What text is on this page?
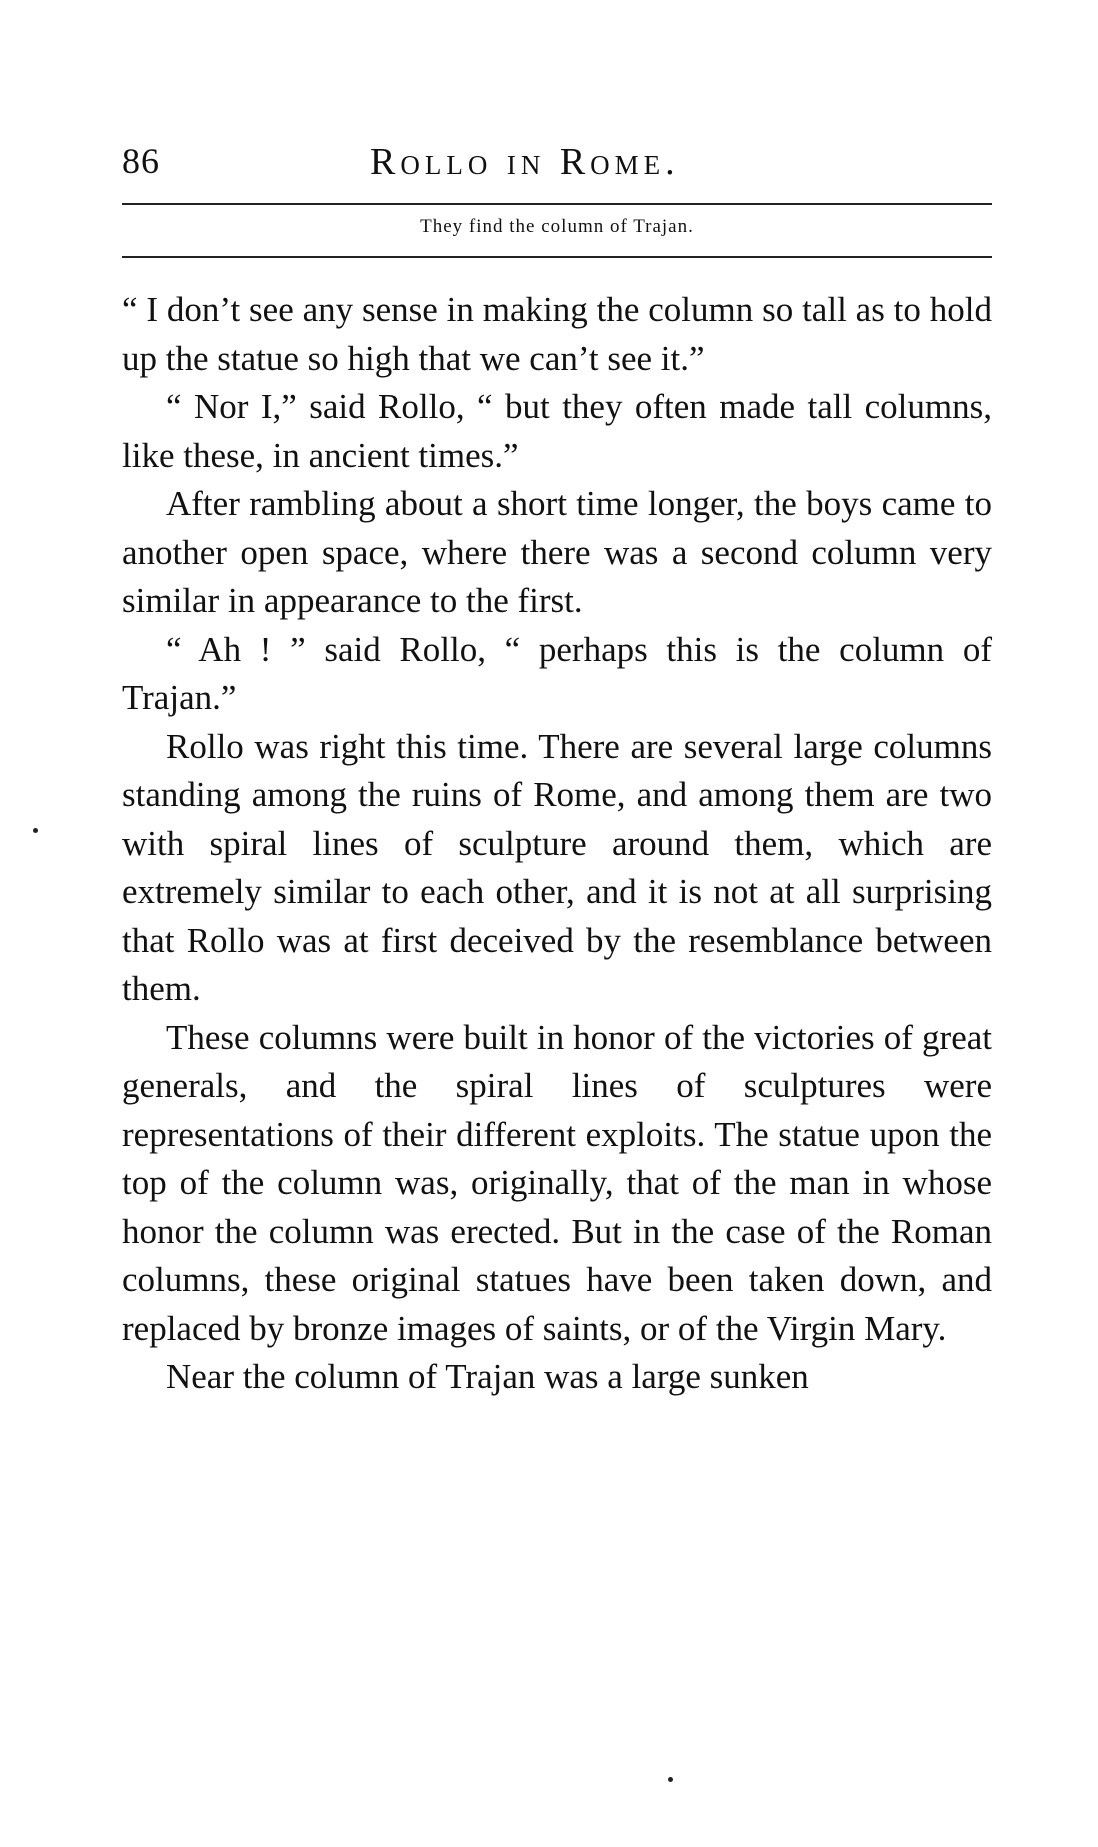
86	Rollo in Rome.
They find the column of Trajan.

“ I don’t see any sense in making the column so tall as to hold up the statue so high that we can’t see it.”

“ Nor I,” said Rollo, “ but they often made tall columns, like these, in ancient times.”

After rambling about a short time longer, the boys came to another open space, where there was a second column very similar in appearance to the first.

“ Ah ! ” said Rollo, “ perhaps this is the column of Trajan.”

Rollo was right this time. There are several large columns standing among the ruins of Rome, and among them are two with spiral lines of sculpture around them, which are extremely similar to each other, and it is not at all surprising that Rollo was at first deceived by the resemblance between them.

These columns were built in honor of the victories of great generals, and the spiral lines of sculptures were representations of their different exploits. The statue upon the top of the column was, originally, that of the man in whose honor the column was erected. But in the case of the Roman columns, these original statues have been taken down, and replaced by bronze images of saints, or of the Virgin Mary.

Near the column of Trajan was a large sunken
